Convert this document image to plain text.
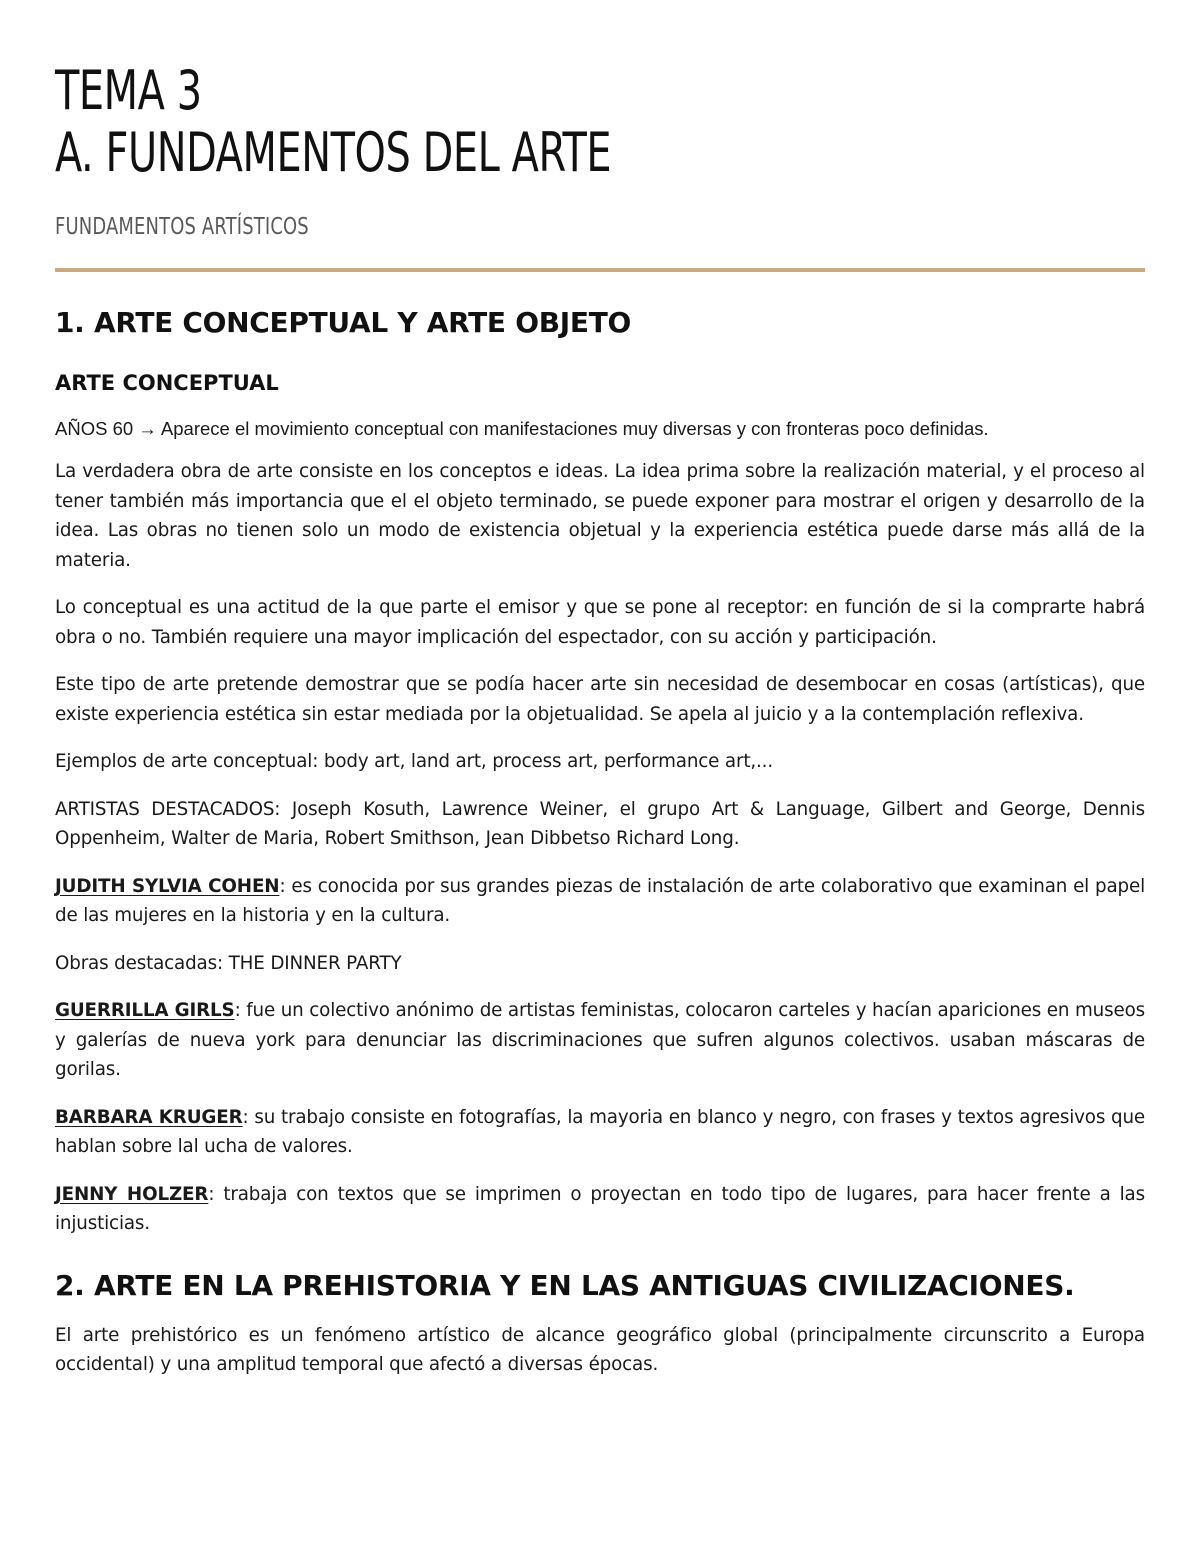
TEMA 3
A. FUNDAMENTOS DEL ARTE
FUNDAMENTOS ARTÍSTICOS
1. ARTE CONCEPTUAL Y ARTE OBJETO
ARTE CONCEPTUAL

AÑOS 60 → Aparece el movimiento conceptual con manifestaciones muy diversas y con fronteras poco definidas.

La verdadera obra de arte consiste en los conceptos e ideas. La idea prima sobre la realización material, y el proceso al tener también más importancia que el el objeto terminado, se puede exponer para mostrar el origen y desarrollo de la idea. Las obras no tienen solo un modo de existencia objetual y la experiencia estética puede darse más allá de la materia.

Lo conceptual es una actitud de la que parte el emisor y que se pone al receptor: en función de si la comprarte habrá obra o no. También requiere una mayor implicación del espectador, con su acción y participación.

Este tipo de arte pretende demostrar que se podía hacer arte sin necesidad de desembocar en cosas (artísticas), que existe experiencia estética sin estar mediada por la objetualidad. Se apela al juicio y a la contemplación reflexiva.

Ejemplos de arte conceptual: body art, land art, process art, performance art,...

ARTISTAS DESTACADOS: Joseph Kosuth, Lawrence Weiner, el grupo Art & Language, Gilbert and George, Dennis Oppenheim, Walter de Maria, Robert Smithson, Jean Dibbetso Richard Long.

JUDITH SYLVIA COHEN: es conocida por sus grandes piezas de instalación de arte colaborativo que examinan el papel de las mujeres en la historia y en la cultura.

Obras destacadas: THE DINNER PARTY

GUERRILLA GIRLS: fue un colectivo anónimo de artistas feministas, colocaron carteles y hacían apariciones en museos y galerías de nueva york para denunciar las discriminaciones que sufren algunos colectivos. usaban máscaras de gorilas.

BARBARA KRUGER: su trabajo consiste en fotografías, la mayoria en blanco y negro, con frases y textos agresivos que hablan sobre lal ucha de valores.

JENNY HOLZER: trabaja con textos que se imprimen o proyectan en todo tipo de lugares, para hacer frente a las injusticias.

2. ARTE EN LA PREHISTORIA Y EN LAS ANTIGUAS CIVILIZACIONES.

El arte prehistórico es un fenómeno artístico de alcance geográfico global (principalmente circunscrito a Europa occidental) y una amplitud temporal que afectó a diversas épocas.
